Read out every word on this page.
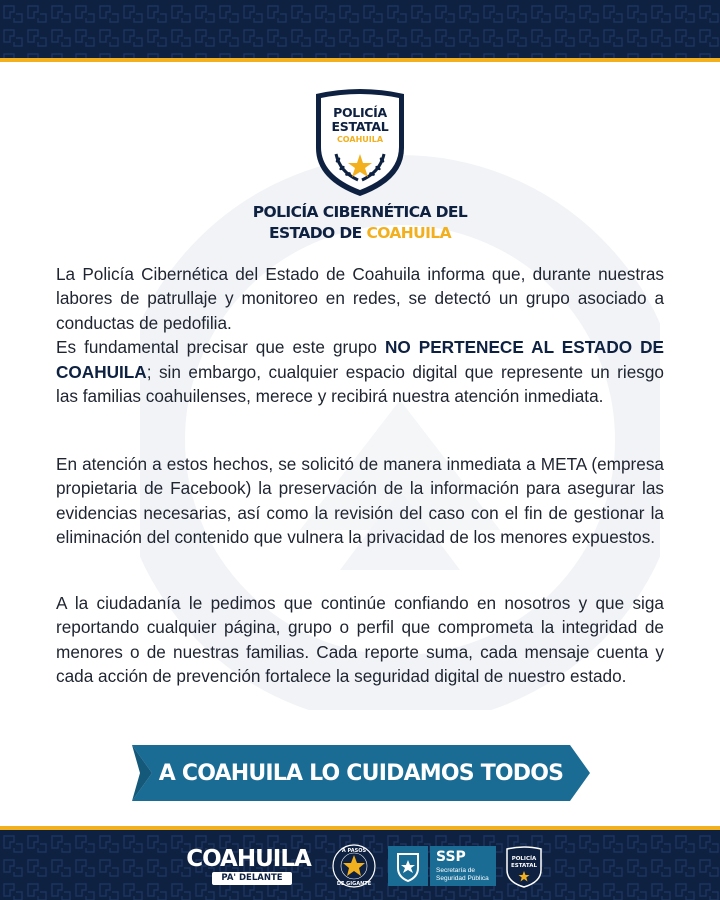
POLICÍA
ESTATAL
COAHUILA
POLICÍA CIBERNÉTICA DEL
ESTADO DE COAHUILA

La Policía Cibernética del Estado de Coahuila informa que, durante nuestras labores de patrullaje y monitoreo en redes, se detectó un grupo asociado a conductas de pedofilia.

Es fundamental precisar que este grupo NO PERTENECE AL ESTADO DE COAHUILA; sin embargo, cualquier espacio digital que represente un riesgo las familias coahuilenses, merece y recibirá nuestra atención inmediata.

En atención a estos hechos, se solicitó de manera inmediata a META (empresa propietaria de Facebook) la preservación de la información para asegurar las evidencias necesarias, así como la revisión del caso con el fin de gestionar la eliminación del contenido que vulnera la privacidad de los menores expuestos.

A la ciudadanía le pedimos que continúe confiando en nosotros y que siga reportando cualquier página, grupo o perfil que comprometa la integridad de menores o de nuestras familias. Cada reporte suma, cada mensaje cuenta y cada acción de prevención fortalece la seguridad digital de nuestro estado.

A COAHUILA LO CUIDAMOS TODOS
COAHUILA
PA' DELANTE
A PASOS
DE GIGANTE
SSP
Secretaría de Seguridad Pública
POLICÍA
ESTATAL
